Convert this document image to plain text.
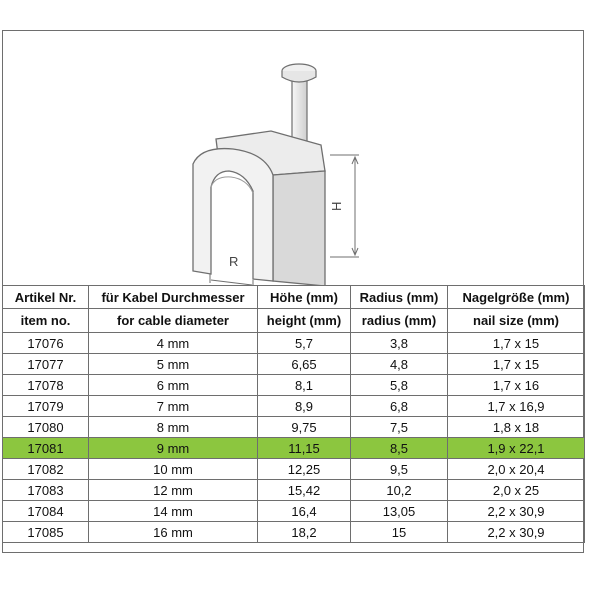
H
R
Artikel Nr.	für Kabel Durchmesser	Höhe (mm)	Radius (mm)	Nagelgröße (mm)
item no.	for cable diameter	height (mm)	radius (mm)	nail size (mm)
17076	4 mm	5,7	3,8	1,7 x 15
17077	5 mm	6,65	4,8	1,7 x 15
17078	6 mm	8,1	5,8	1,7 x 16
17079	7 mm	8,9	6,8	1,7 x 16,9
17080	8 mm	9,75	7,5	1,8 x 18
17081	9 mm	11,15	8,5	1,9 x 22,1
17082	10 mm	12,25	9,5	2,0 x 20,4
17083	12 mm	15,42	10,2	2,0 x 25
17084	14 mm	16,4	13,05	2,2 x 30,9
17085	16 mm	18,2	15	2,2 x 30,9
